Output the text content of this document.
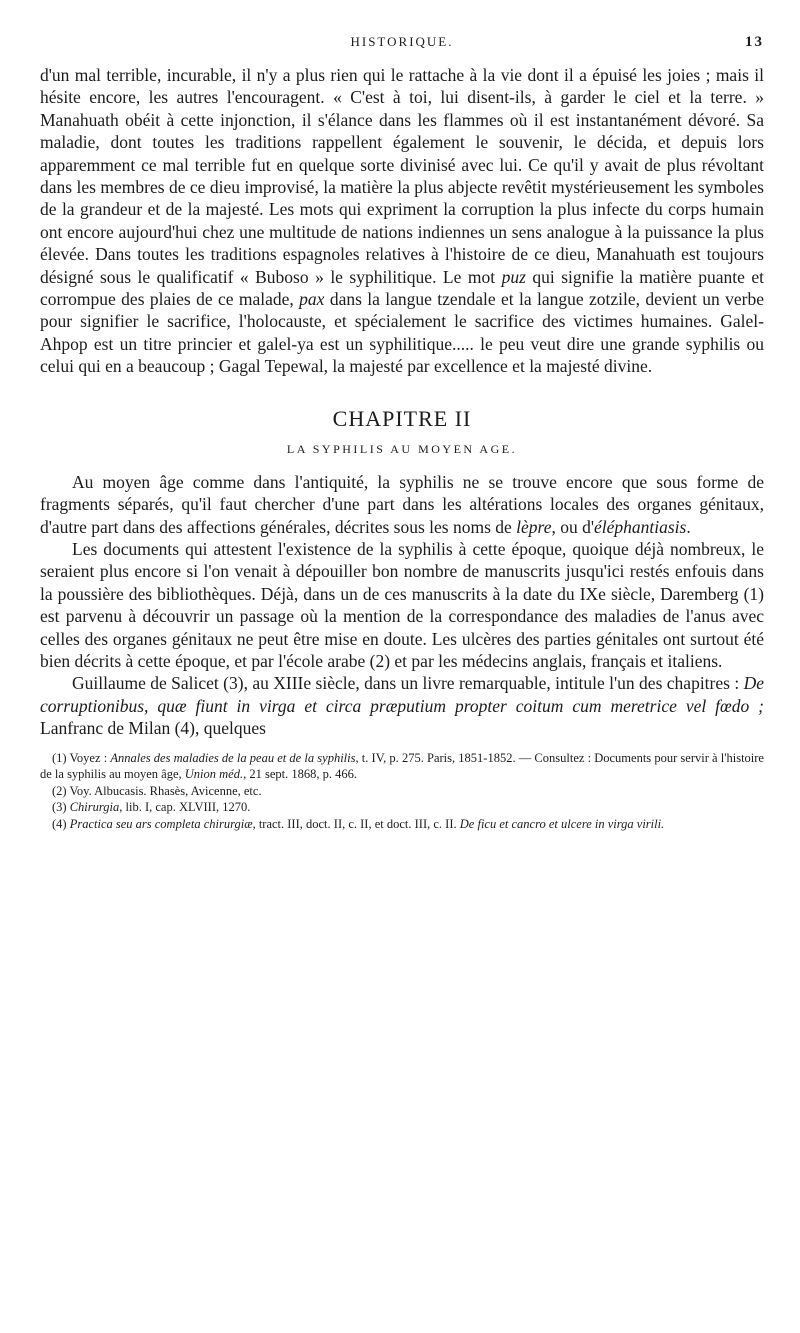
HISTORIQUE.	13

d'un mal terrible, incurable, il n'y a plus rien qui le rattache à la vie dont il a épuisé les joies ; mais il hésite encore, les autres l'encouragent. « C'est à toi, lui disent-ils, à garder le ciel et la terre. » Manahuath obéit à cette injonction, il s'élance dans les flammes où il est instantanément dévoré. Sa maladie, dont toutes les traditions rappellent également le souvenir, le décida, et depuis lors apparemment ce mal terrible fut en quelque sorte divinisé avec lui. Ce qu'il y avait de plus révoltant dans les membres de ce dieu improvisé, la matière la plus abjecte revêtit mystérieusement les symboles de la grandeur et de la majesté. Les mots qui expriment la corruption la plus infecte du corps humain ont encore aujourd'hui chez une multitude de nations indiennes un sens analogue à la puissance la plus élevée. Dans toutes les traditions espagnoles relatives à l'histoire de ce dieu, Manahuath est toujours désigné sous le qualificatif « Buboso » le syphilitique. Le mot puz qui signifie la matière puante et corrompue des plaies de ce malade, pax dans la langue tzendale et la langue zotzile, devient un verbe pour signifier le sacrifice, l'holocauste, et spécialement le sacrifice des victimes humaines. Galel-Ahpop est un titre princier et galel-ya est un syphilitique..... le peu veut dire une grande syphilis ou celui qui en a beaucoup ; Gagal Tepewal, la majesté par excellence et la majesté divine.

CHAPITRE II
LA SYPHILIS AU MOYEN AGE.

Au moyen âge comme dans l'antiquité, la syphilis ne se trouve encore que sous forme de fragments séparés, qu'il faut chercher d'une part dans les altérations locales des organes génitaux, d'autre part dans des affections générales, décrites sous les noms de lèpre, ou d'éléphantiasis.

Les documents qui attestent l'existence de la syphilis à cette époque, quoique déjà nombreux, le seraient plus encore si l'on venait à dépouiller bon nombre de manuscrits jusqu'ici restés enfouis dans la poussière des bibliothèques. Déjà, dans un de ces manuscrits à la date du IXe siècle, Daremberg (1) est parvenu à découvrir un passage où la mention de la correspondance des maladies de l'anus avec celles des organes génitaux ne peut être mise en doute. Les ulcères des parties génitales ont surtout été bien décrits à cette époque, et par l'école arabe (2) et par les médecins anglais, français et italiens.

Guillaume de Salicet (3), au XIIIe siècle, dans un livre remarquable, intitule l'un des chapitres : De corruptionibus, quæ fiunt in virga et circa præputium propter coitum cum meretrice vel fœdo ; Lanfranc de Milan (4), quelques

(1) Voyez : Annales des maladies de la peau et de la syphilis, t. IV, p. 275. Paris, 1851-1852. — Consultez : Documents pour servir à l'histoire de la syphilis au moyen âge, Union méd., 21 sept. 1868, p. 466.

(2) Voy. Albucasis. Rhasès, Avicenne, etc.

(3) Chirurgia, lib. I, cap. XLVIII, 1270.

(4) Practica seu ars completa chirurgiæ, tract. III, doct. II, c. II, et doct. III, c. II. De ficu et cancro et ulcere in virga virili.
